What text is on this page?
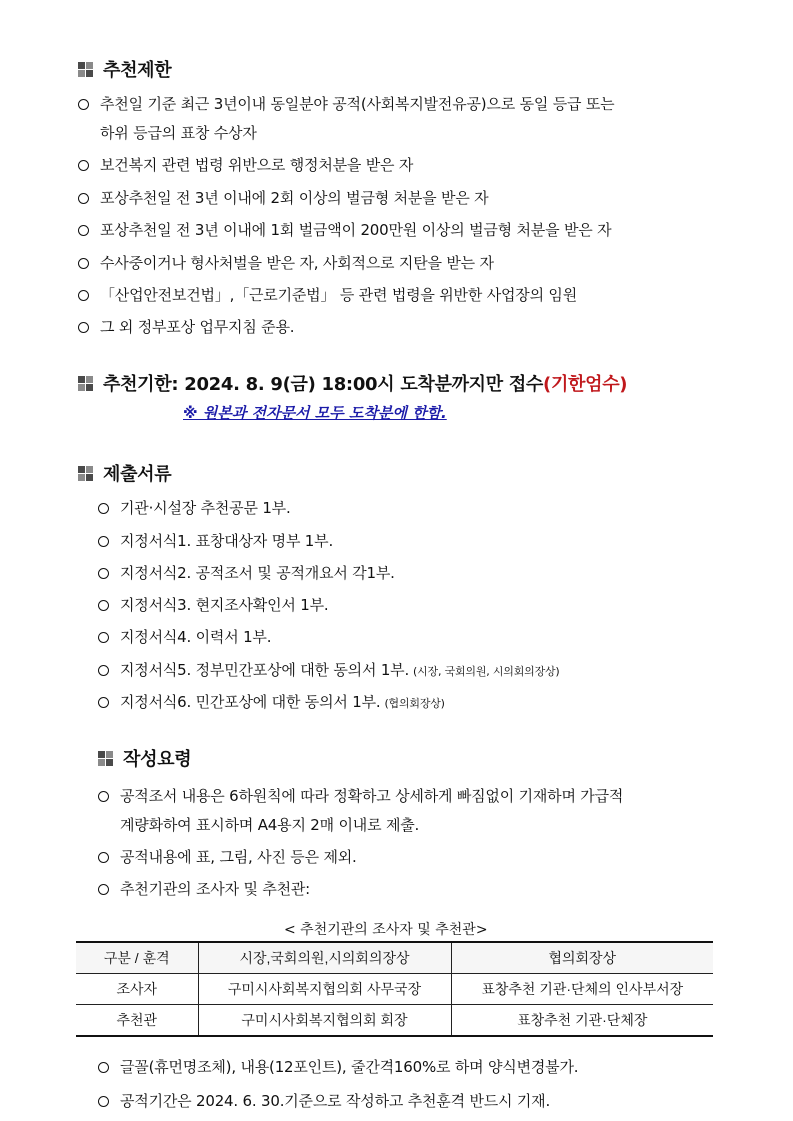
추천제한
추천일 기준 최근 3년이내 동일분야 공적(사회복지발전유공)으로 동일 등급 또는
하위 등급의 표창 수상자
보건복지 관련 법령 위반으로 행정처분을 받은 자
포상추천일 전 3년 이내에 2회 이상의 벌금형 처분을 받은 자
포상추천일 전 3년 이내에 1회 벌금액이 200만원 이상의 벌금형 처분을 받은 자
수사중이거나 형사처벌을 받은 자, 사회적으로 지탄을 받는 자
「산업안전보건법」,「근로기준법」 등 관련 법령을 위반한 사업장의 임원
그 외 정부포상 업무지침 준용.
추천기한: 2024. 8. 9(금) 18:00시 도착분까지만 접수 (기한엄수)
※ 원본과 전자문서 모두 도착분에 한함.
제출서류
기관·시설장 추천공문 1부.
지정서식1. 표창대상자 명부 1부.
지정서식2. 공적조서 및 공적개요서 각1부.
지정서식3. 현지조사확인서 1부.
지정서식4. 이력서 1부.
지정서식5. 정부민간포상에 대한 동의서 1부. (시장, 국회의원, 시의회의장상)
지정서식6. 민간포상에 대한 동의서 1부. (협의회장상)
작성요령
공적조서 내용은 6하원칙에 따라 정확하고 상세하게 빠짐없이 기재하며 가급적
계량화하여 표시하며 A4용지 2매 이내로 제출.
공적내용에 표, 그림, 사진 등은 제외.
추천기관의 조사자 및 추천관:
< 추천기관의 조사자 및 추천관>
구분 / 훈격	시장,국회의원,시의회의장상	협의회장상
조사자	구미시사회복지협의회 사무국장	표창추천 기관·단체의 인사부서장
추천관	구미시사회복지협의회 회장	표창추천 기관·단체장
글꼴(휴먼명조체), 내용(12포인트), 줄간격160%로 하며 양식변경불가.
공적기간은 2024. 6. 30.기준으로 작성하고 추천훈격 반드시 기재.
